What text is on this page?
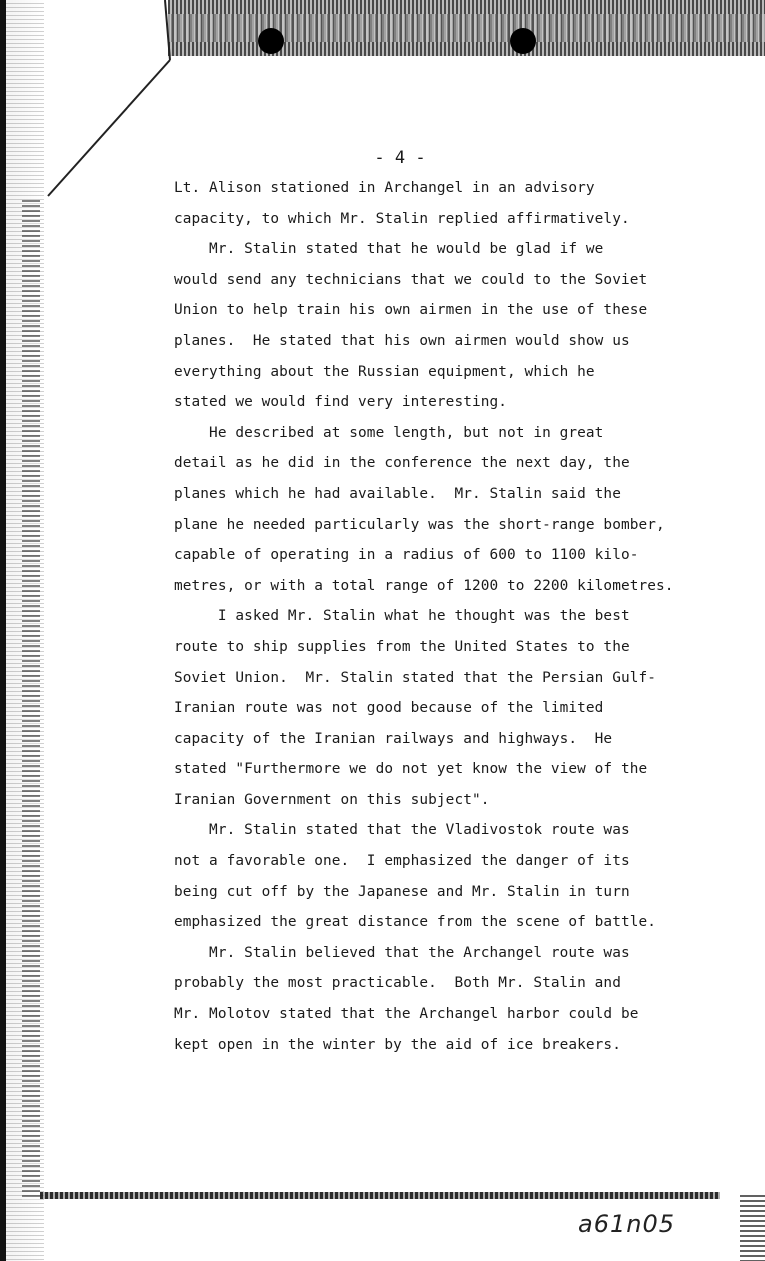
- 4 -
Lt. Alison stationed in Archangel in an advisory
capacity, to which Mr. Stalin replied affirmatively.
Mr. Stalin stated that he would be glad if we
would send any technicians that we could to the Soviet
Union to help train his own airmen in the use of these
planes.  He stated that his own airmen would show us
everything about the Russian equipment, which he
stated we would find very interesting.
He described at some length, but not in great
detail as he did in the conference the next day, the
planes which he had available.  Mr. Stalin said the
plane he needed particularly was the short-range bomber,
capable of operating in a radius of 600 to 1100 kilo-
metres, or with a total range of 1200 to 2200 kilometres.
I asked Mr. Stalin what he thought was the best
route to ship supplies from the United States to the
Soviet Union.  Mr. Stalin stated that the Persian Gulf-
Iranian route was not good because of the limited
capacity of the Iranian railways and highways.  He
stated "Furthermore we do not yet know the view of the
Iranian Government on this subject".
Mr. Stalin stated that the Vladivostok route was
not a favorable one.  I emphasized the danger of its
being cut off by the Japanese and Mr. Stalin in turn
emphasized the great distance from the scene of battle.
Mr. Stalin believed that the Archangel route was
probably the most practicable.  Both Mr. Stalin and
Mr. Molotov stated that the Archangel harbor could be
kept open in the winter by the aid of ice breakers.
a61n05
